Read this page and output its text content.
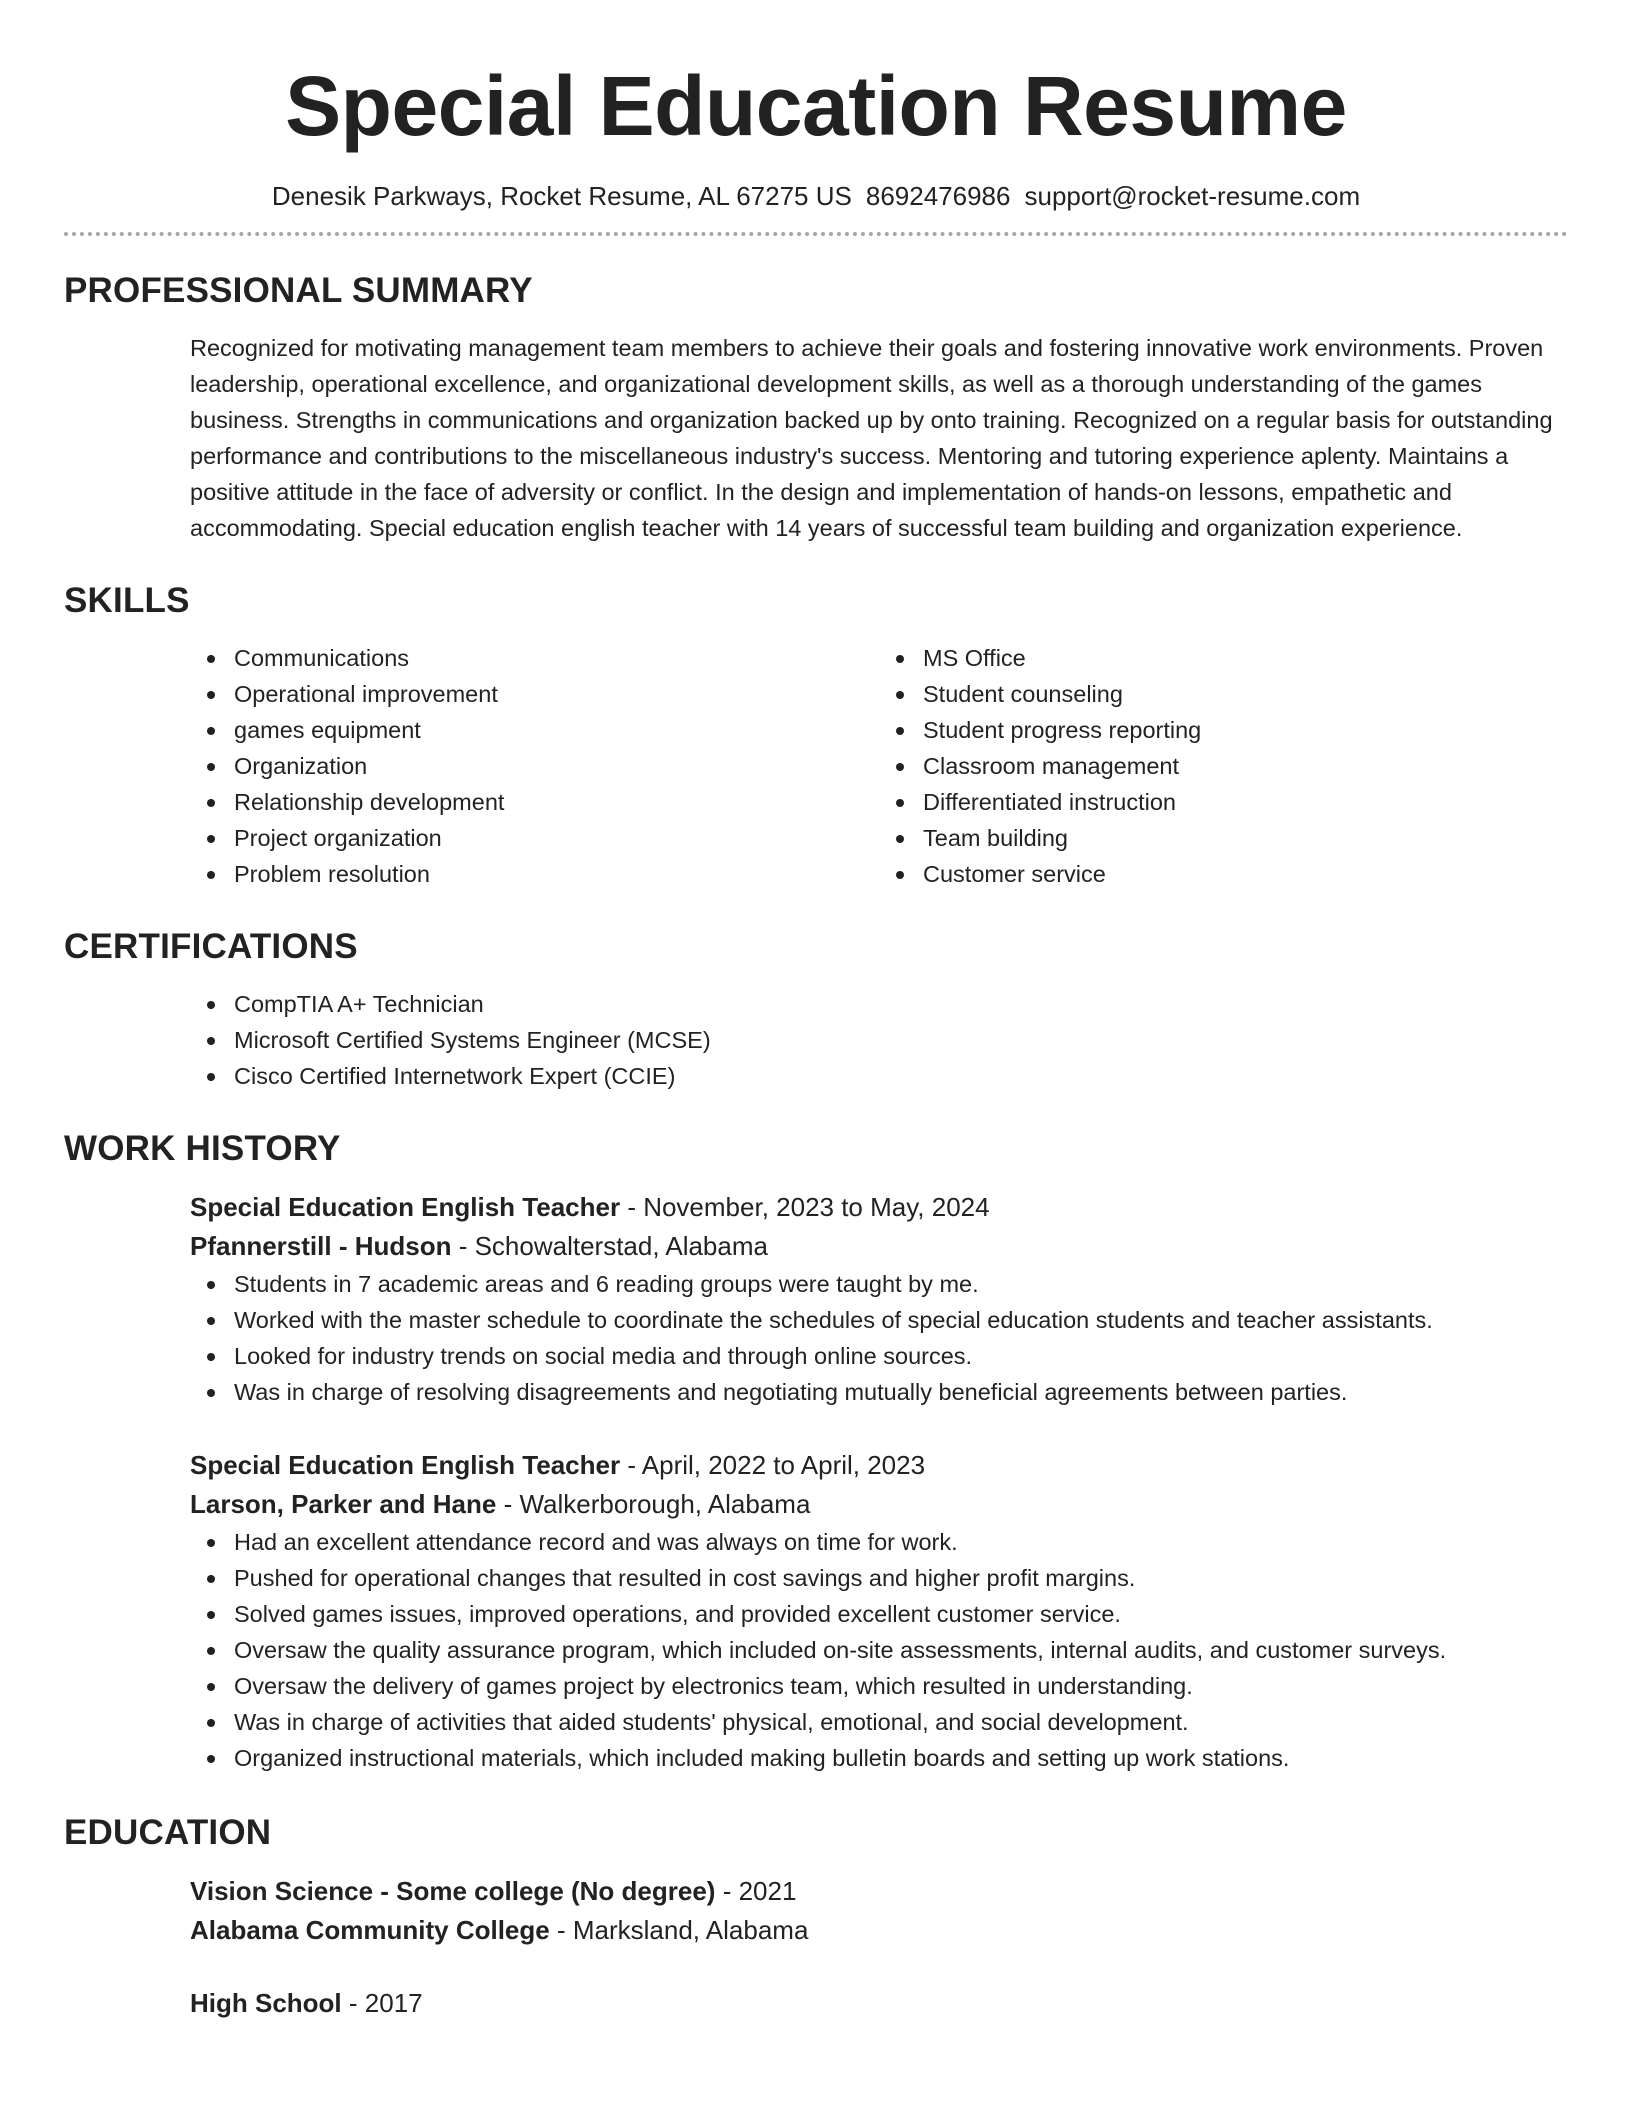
Special Education Resume
Denesik Parkways, Rocket Resume, AL 67275 US 8692476986 support@rocket-resume.com
PROFESSIONAL SUMMARY

Recognized for motivating management team members to achieve their goals and fostering innovative work environments. Proven leadership, operational excellence, and organizational development skills, as well as a thorough understanding of the games business. Strengths in communications and organization backed up by onto training. Recognized on a regular basis for outstanding performance and contributions to the miscellaneous industry's success. Mentoring and tutoring experience aplenty. Maintains a positive attitude in the face of adversity or conflict. In the design and implementation of hands-on lessons, empathetic and accommodating. Special education english teacher with 14 years of successful team building and organization experience.

SKILLS
Communications
Operational improvement
games equipment
Organization
Relationship development
Project organization
Problem resolution
MS Office
Student counseling
Student progress reporting
Classroom management
Differentiated instruction
Team building
Customer service
CERTIFICATIONS
CompTIA A+ Technician
Microsoft Certified Systems Engineer (MCSE)
Cisco Certified Internetwork Expert (CCIE)
WORK HISTORY
Special Education English Teacher - November, 2023 to May, 2024
Pfannerstill - Hudson - Schowalterstad, Alabama
Students in 7 academic areas and 6 reading groups were taught by me.
Worked with the master schedule to coordinate the schedules of special education students and teacher assistants.
Looked for industry trends on social media and through online sources.
Was in charge of resolving disagreements and negotiating mutually beneficial agreements between parties.
Special Education English Teacher - April, 2022 to April, 2023
Larson, Parker and Hane - Walkerborough, Alabama
Had an excellent attendance record and was always on time for work.
Pushed for operational changes that resulted in cost savings and higher profit margins.
Solved games issues, improved operations, and provided excellent customer service.
Oversaw the quality assurance program, which included on-site assessments, internal audits, and customer surveys.
Oversaw the delivery of games project by electronics team, which resulted in understanding.
Was in charge of activities that aided students' physical, emotional, and social development.
Organized instructional materials, which included making bulletin boards and setting up work stations.
EDUCATION
Vision Science - Some college (No degree) - 2021
Alabama Community College - Marksland, Alabama
High School - 2017
